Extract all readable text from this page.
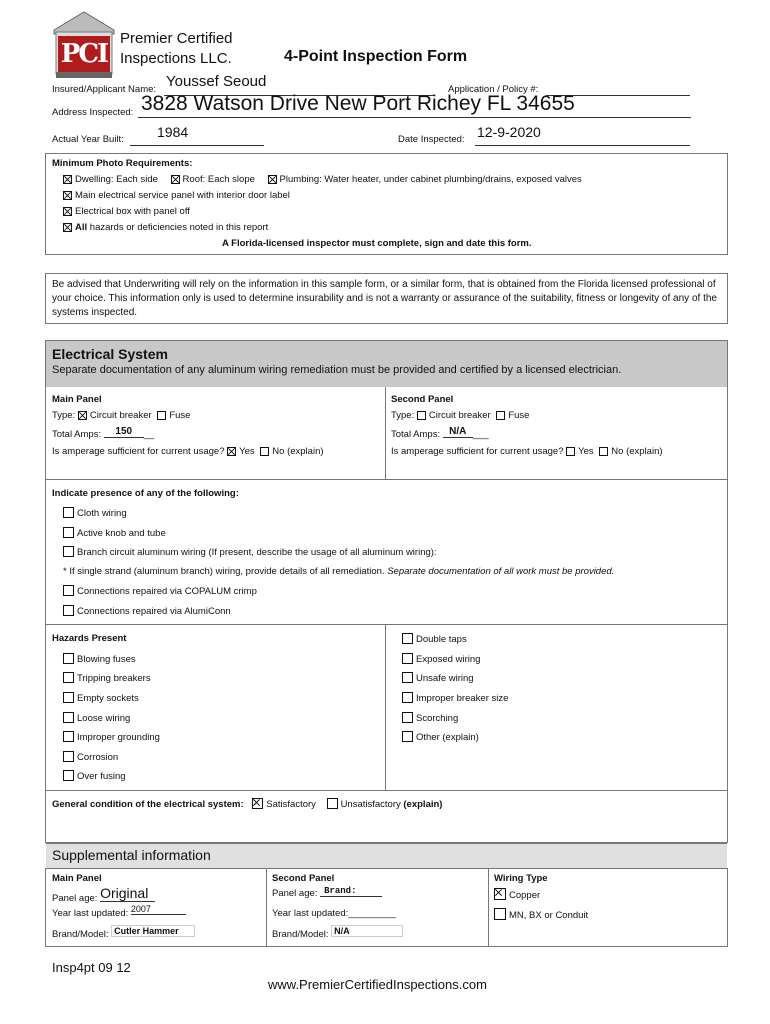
PCI
Premier Certified
Inspections LLC.	4-Point Inspection Form
Insured/Applicant Name: Youssef Seoud	Application / Policy #:
Address Inspected: 3828 Watson Drive New Port Richey FL 34655
Actual Year Built: 1984	Date Inspected: 12-9-2020
Minimum Photo Requirements:
Dwelling: Each side	Roof: Each slope	Plumbing: Water heater, under cabinet plumbing/drains, exposed valves
Main electrical service panel with interior door label
Electrical box with panel off
All hazards or deficiencies noted in this report
A Florida-licensed inspector must complete, sign and date this form.
Be advised that Underwriting will rely on the information in this sample form, or a similar form, that is obtained from the Florida licensed professional of your choice. This information only is used to determine insurability and is not a warranty or assurance of the suitability, fitness or longevity of any of the systems inspected.
Electrical System
Separate documentation of any aluminum wiring remediation must be provided and certified by a licensed electrician.
Main Panel
Type: Circuit breaker Fuse
Total Amps: 150 __
Is amperage sufficient for current usage? Yes No (explain)
Second Panel
Type: Circuit breaker Fuse
Total Amps: N/A ___
Is amperage sufficient for current usage? Yes No (explain)
Indicate presence of any of the following:
Cloth wiring
Active knob and tube
Branch circuit aluminum wiring (If present, describe the usage of all aluminum wiring):
* If single strand (aluminum branch) wiring, provide details of all remediation. Separate documentation of all work must be provided.
Connections repaired via COPALUM crimp
Connections repaired via AlumiConn
Hazards Present
Blowing fuses
Tripping breakers
Empty sockets
Loose wiring
Improper grounding
Corrosion
Over fusing
Double taps
Exposed wiring
Unsafe wiring
Improper breaker size
Scorching
Other (explain)
General condition of the electrical system: Satisfactory	Unsatisfactory (explain)
Supplemental information
Main Panel
Panel age: Original
Year last updated: 2007
Brand/Model: Cutler Hammer
Second Panel
Panel age: Brand:
Year last updated:_________
Brand/Model: N/A
Wiring Type
Copper
MN, BX or Conduit
Insp4pt 09 12
www.PremierCertifiedInspections.com
